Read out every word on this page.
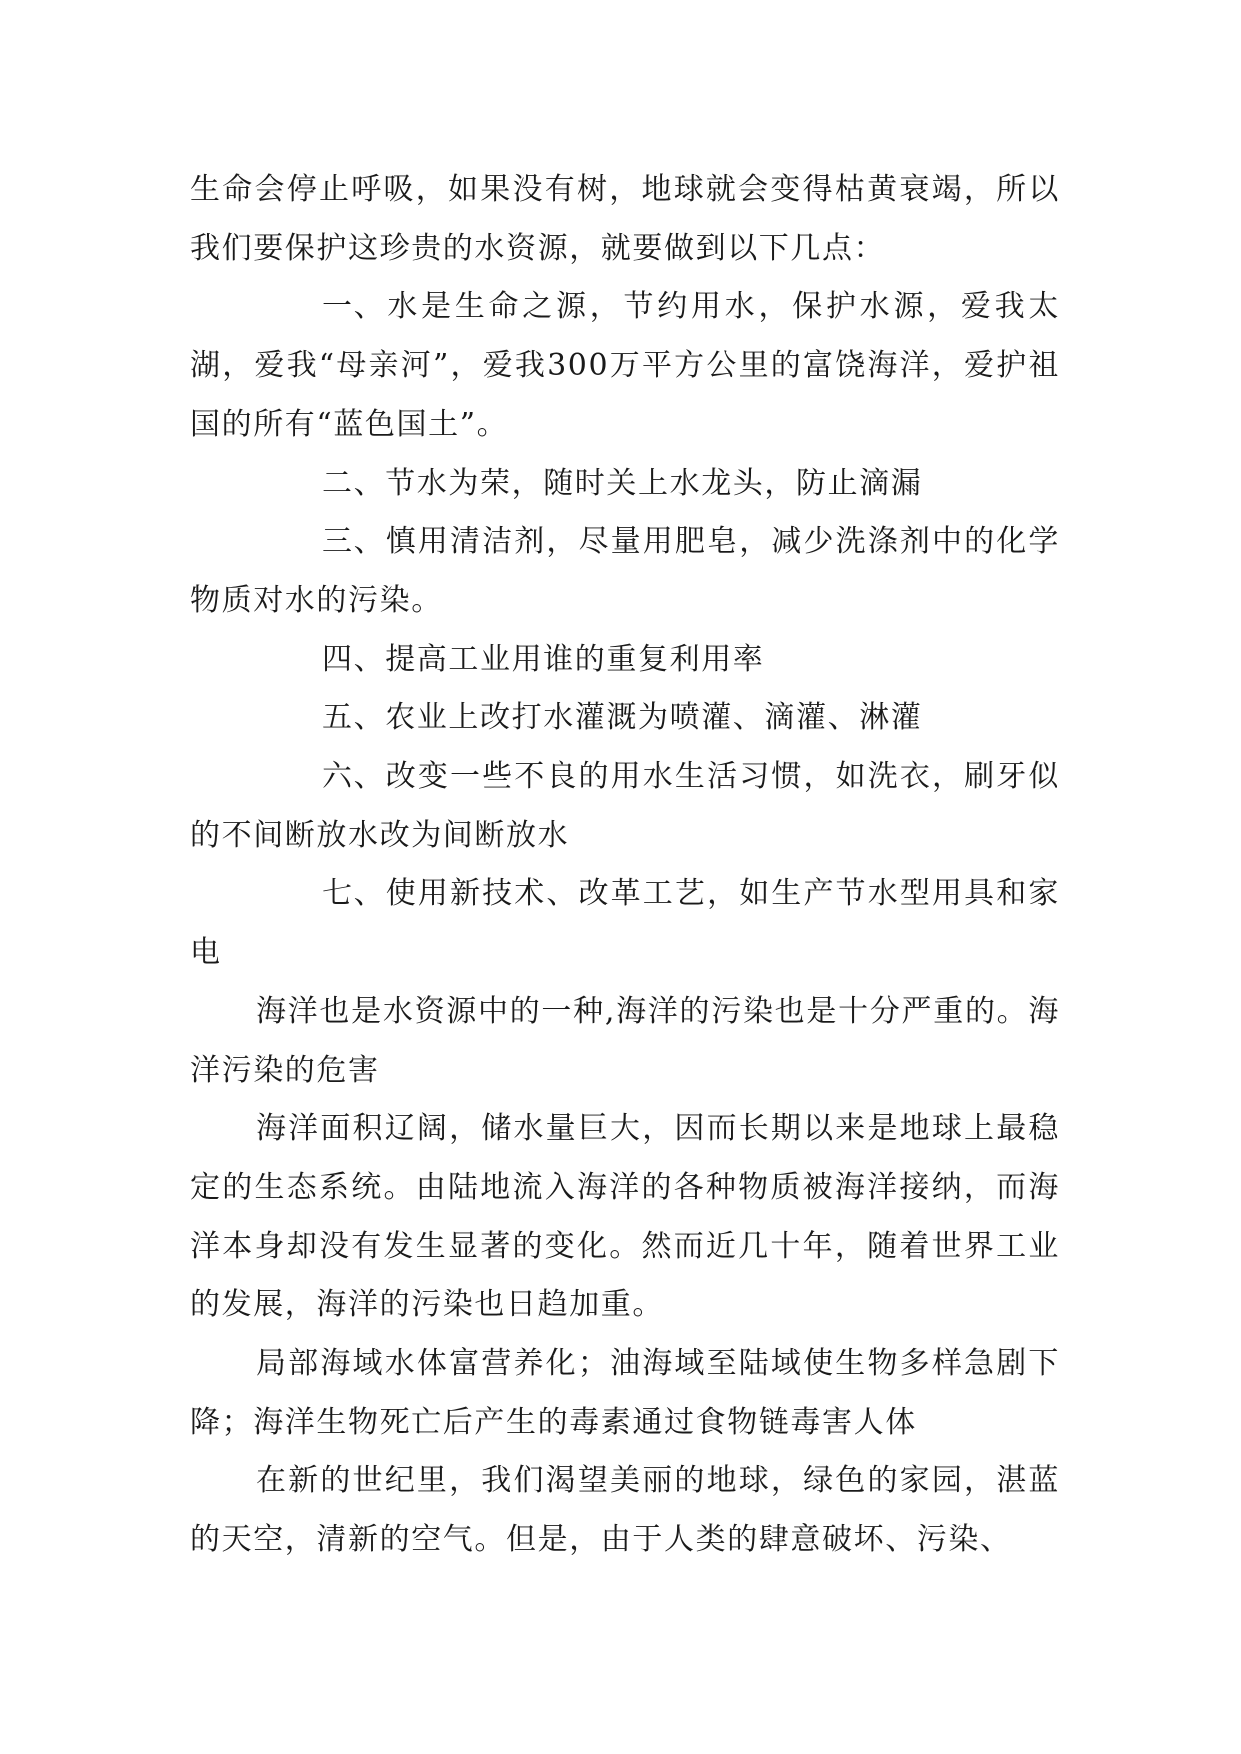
生命会停止呼吸，如果没有树，地球就会变得枯黄衰竭，所以我们要保护这珍贵的水资源，就要做到以下几点：

一、水是生命之源，节约用水，保护水源，爱我太湖，爱我“母亲河”，爱我300万平方公里的富饶海洋，爱护祖国的所有“蓝色国土”。

二、节水为荣，随时关上水龙头，防止滴漏

三、慎用清洁剂，尽量用肥皂，减少洗涤剂中的化学物质对水的污染。

四、提高工业用谁的重复利用率

五、农业上改打水灌溉为喷灌、滴灌、淋灌

六、改变一些不良的用水生活习惯，如洗衣，刷牙似的不间断放水改为间断放水

七、使用新技术、改革工艺，如生产节水型用具和家电

海洋也是水资源中的一种,海洋的污染也是十分严重的。海洋污染的危害

海洋面积辽阔，储水量巨大，因而长期以来是地球上最稳定的生态系统。由陆地流入海洋的各种物质被海洋接纳，而海洋本身却没有发生显著的变化。然而近几十年，随着世界工业的发展，海洋的污染也日趋加重。

局部海域水体富营养化；油海域至陆域使生物多样急剧下降；海洋生物死亡后产生的毒素通过食物链毒害人体

在新的世纪里，我们渴望美丽的地球，绿色的家园，湛蓝的天空，清新的空气。但是，由于人类的肆意破坏、污染、
